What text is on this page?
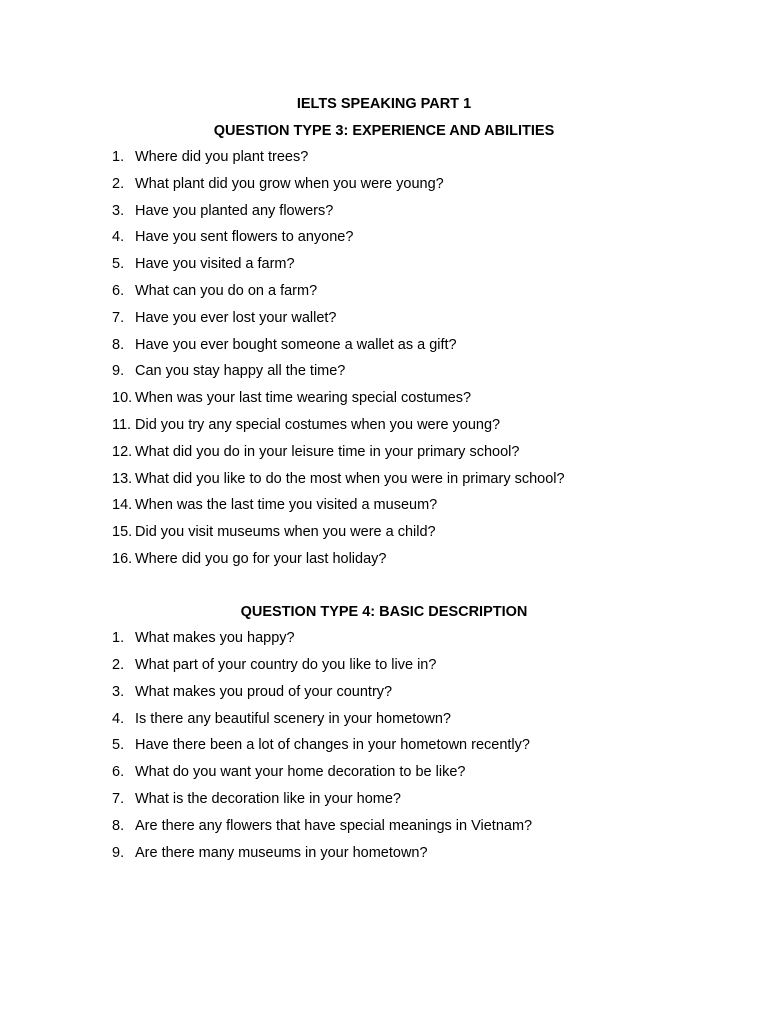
IELTS SPEAKING PART 1
QUESTION TYPE 3: EXPERIENCE AND ABILITIES
1. Where did you plant trees?
2. What plant did you grow when you were young?
3. Have you planted any flowers?
4. Have you sent flowers to anyone?
5. Have you visited a farm?
6. What can you do on a farm?
7. Have you ever lost your wallet?
8. Have you ever bought someone a wallet as a gift?
9. Can you stay happy all the time?
10. When was your last time wearing special costumes?
11. Did you try any special costumes when you were young?
12. What did you do in your leisure time in your primary school?
13. What did you like to do the most when you were in primary school?
14. When was the last time you visited a museum?
15. Did you visit museums when you were a child?
16. Where did you go for your last holiday?
QUESTION TYPE 4: BASIC DESCRIPTION
1. What makes you happy?
2. What part of your country do you like to live in?
3. What makes you proud of your country?
4. Is there any beautiful scenery in your hometown?
5. Have there been a lot of changes in your hometown recently?
6. What do you want your home decoration to be like?
7. What is the decoration like in your home?
8. Are there any flowers that have special meanings in Vietnam?
9. Are there many museums in your hometown?
